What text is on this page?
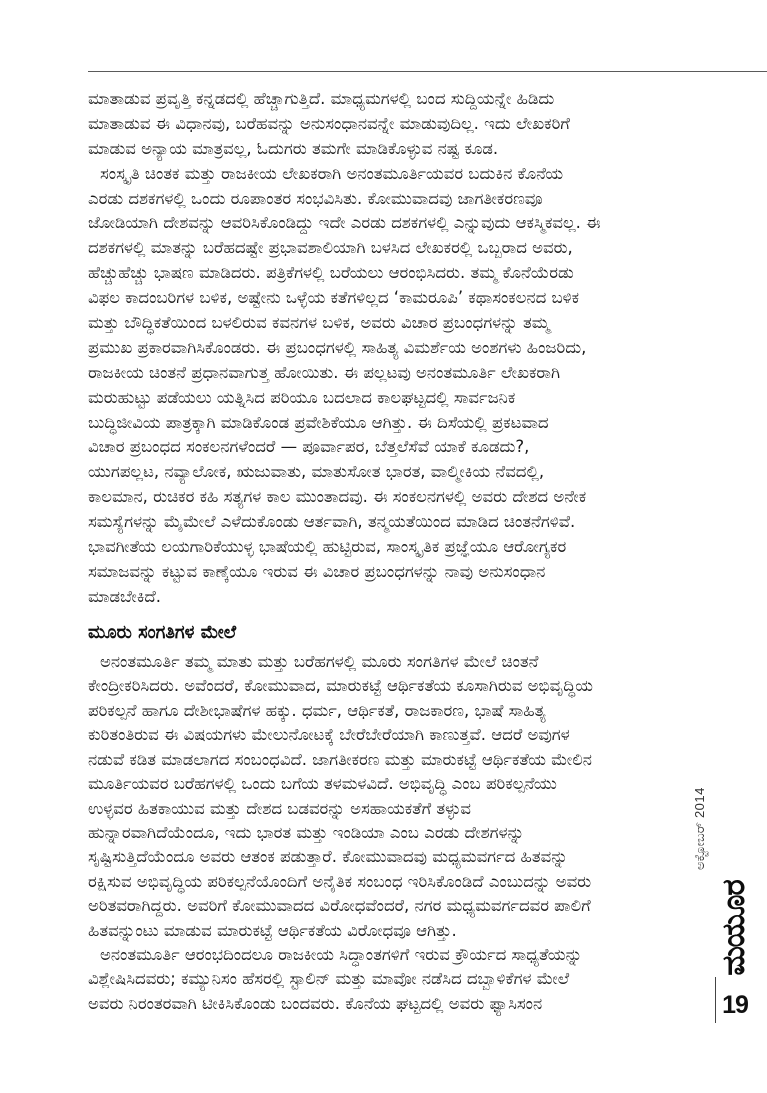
ಮಾತಾಡುವ ಪ್ರವೃತ್ತಿ ಕನ್ನಡದಲ್ಲಿ ಹೆಚ್ಚಾಗುತ್ತಿದೆ. ಮಾಧ್ಯಮಗಳಲ್ಲಿ ಬಂದ ಸುದ್ದಿಯನ್ನೇ ಹಿಡಿದು
ಮಾತಾಡುವ ಈ ವಿಧಾನವು, ಬರೆಹವನ್ನು ಅನುಸಂಧಾನವನ್ನೇ ಮಾಡುವುದಿಲ್ಲ. ಇದು ಲೇಖಕರಿಗೆ
ಮಾಡುವ ಅನ್ಯಾಯ ಮಾತ್ರವಲ್ಲ, ಓದುಗರು ತಮಗೇ ಮಾಡಿಕೊಳ್ಳುವ ನಷ್ಟ ಕೂಡ.
ಸಂಸ್ಕೃತಿ ಚಿಂತಕ ಮತ್ತು ರಾಜಕೀಯ ಲೇಖಕರಾಗಿ ಅನಂತಮೂರ್ತಿಯವರ ಬದುಕಿನ ಕೊನೆಯ
ಎರಡು ದಶಕಗಳಲ್ಲಿ ಒಂದು ರೂಪಾಂತರ ಸಂಭವಿಸಿತು. ಕೋಮುವಾದವು ಜಾಗತೀಕರಣವೂ
ಜೋಡಿಯಾಗಿ ದೇಶವನ್ನು ಆವರಿಸಿಕೊಂಡಿದ್ದು ಇದೇ ಎರಡು ದಶಕಗಳಲ್ಲಿ ಎನ್ನುವುದು ಆಕಸ್ಮಿಕವಲ್ಲ. ಈ
ದಶಕಗಳಲ್ಲಿ ಮಾತನ್ನು ಬರೆಹದಷ್ಟೇ ಪ್ರಭಾವಶಾಲಿಯಾಗಿ ಬಳಸಿದ ಲೇಖಕರಲ್ಲಿ ಒಬ್ಬರಾದ ಅವರು,
ಹೆಚ್ಚುಹೆಚ್ಚು ಭಾಷಣ ಮಾಡಿದರು. ಪತ್ರಿಕೆಗಳಲ್ಲಿ ಬರೆಯಲು ಆರಂಭಿಸಿದರು. ತಮ್ಮ ಕೊನೆಯೆರಡು
ವಿಫಲ ಕಾದಂಬರಿಗಳ ಬಳಿಕ, ಅಷ್ಟೇನು ಒಳ್ಳೆಯ ಕತೆಗಳಿಲ್ಲದ ‘ಕಾಮರೂಪಿ’ ಕಥಾಸಂಕಲನದ ಬಳಿಕ
ಮತ್ತು ಬೌದ್ಧಿಕತೆಯಿಂದ ಬಳಲಿರುವ ಕವನಗಳ ಬಳಿಕ, ಅವರು ವಿಚಾರ ಪ್ರಬಂಧಗಳನ್ನು ತಮ್ಮ
ಪ್ರಮುಖ ಪ್ರಕಾರವಾಗಿಸಿಕೊಂಡರು. ಈ ಪ್ರಬಂಧಗಳಲ್ಲಿ ಸಾಹಿತ್ಯ ವಿಮರ್ಶೆಯ ಅಂಶಗಳು ಹಿಂಜರಿದು,
ರಾಜಕೀಯ ಚಿಂತನೆ ಪ್ರಧಾನವಾಗುತ್ತ ಹೋಯಿತು. ಈ ಪಲ್ಲಟವು ಅನಂತಮೂರ್ತಿ ಲೇಖಕರಾಗಿ
ಮರುಹುಟ್ಟು ಪಡೆಯಲು ಯತ್ನಿಸಿದ ಪರಿಯೂ ಬದಲಾದ ಕಾಲಘಟ್ಟದಲ್ಲಿ ಸಾರ್ವಜನಿಕ
ಬುದ್ಧಿಜೀವಿಯ ಪಾತ್ರಕ್ಕಾಗಿ ಮಾಡಿಕೊಂಡ ಪ್ರವೇಶಿಕೆಯೂ ಆಗಿತ್ತು. ಈ ದಿಸೆಯಲ್ಲಿ ಪ್ರಕಟವಾದ
ವಿಚಾರ ಪ್ರಬಂಧದ ಸಂಕಲನಗಳೆಂದರೆ — ಪೂರ್ವಾಪರ, ಬೆತ್ತಲೆಸೆವೆ ಯಾಕೆ ಕೂಡದು?,
ಯುಗಪಲ್ಲಟ, ನವ್ಯಾಲೋಕ, ಋಜುವಾತು, ಮಾತುಸೋತ ಭಾರತ, ವಾಲ್ಮೀಕಿಯ ನೆವದಲ್ಲಿ,
ಕಾಲಮಾನ, ರುಚಿಕರ ಕಹಿ ಸತ್ಯಗಳ ಕಾಲ ಮುಂತಾದವು. ಈ ಸಂಕಲನಗಳಲ್ಲಿ ಅವರು ದೇಶದ ಅನೇಕ
ಸಮಸ್ಯೆಗಳನ್ನು ಮೈಮೇಲೆ ಎಳೆದುಕೊಂಡು ಆರ್ತವಾಗಿ, ತನ್ಮಯತೆಯಿಂದ ಮಾಡಿದ ಚಿಂತನೆಗಳಿವೆ.
ಭಾವಗೀತೆಯ ಲಯಗಾರಿಕೆಯುಳ್ಳ ಭಾಷೆಯಲ್ಲಿ ಹುಟ್ಟಿರುವ, ಸಾಂಸ್ಕೃತಿಕ ಪ್ರಜ್ಞೆಯೂ ಆರೋಗ್ಯಕರ
ಸಮಾಜವನ್ನು ಕಟ್ಟುವ ಕಾಣ್ಕೆಯೂ ಇರುವ ಈ ವಿಚಾರ ಪ್ರಬಂಧಗಳನ್ನು ನಾವು ಅನುಸಂಧಾನ
ಮಾಡಬೇಕಿದೆ.
ಮೂರು ಸಂಗತಿಗಳ ಮೇಲೆ
ಅನಂತಮೂರ್ತಿ ತಮ್ಮ ಮಾತು ಮತ್ತು ಬರೆಹಗಳಲ್ಲಿ ಮೂರು ಸಂಗತಿಗಳ ಮೇಲೆ ಚಿಂತನೆ
ಕೇಂದ್ರೀಕರಿಸಿದರು. ಅವೆಂದರೆ, ಕೋಮುವಾದ, ಮಾರುಕಟ್ಟೆ ಆರ್ಥಿಕತೆಯ ಕೂಸಾಗಿರುವ ಅಭಿವೃದ್ಧಿಯ
ಪರಿಕಲ್ಪನೆ ಹಾಗೂ ದೇಶೀಭಾಷೆಗಳ ಹಕ್ಕು. ಧರ್ಮ, ಆರ್ಥಿಕತೆ, ರಾಜಕಾರಣ, ಭಾಷೆ ಸಾಹಿತ್ಯ
ಕುರಿತಂತಿರುವ ಈ ವಿಷಯಗಳು ಮೇಲುನೋಟಕ್ಕೆ ಬೇರೆಬೇರೆಯಾಗಿ ಕಾಣುತ್ತವೆ. ಆದರೆ ಅವುಗಳ
ನಡುವೆ ಕಡಿತ ಮಾಡಲಾಗದ ಸಂಬಂಧವಿದೆ. ಜಾಗತೀಕರಣ ಮತ್ತು ಮಾರುಕಟ್ಟೆ ಆರ್ಥಿಕತೆಯ ಮೇಲಿನ
ಮೂರ್ತಿಯವರ ಬರೆಹಗಳಲ್ಲಿ ಒಂದು ಬಗೆಯ ತಳಮಳವಿದೆ. ಅಭಿವೃದ್ಧಿ ಎಂಬ ಪರಿಕಲ್ಪನೆಯು
ಉಳ್ಳವರ ಹಿತಕಾಯುವ ಮತ್ತು ದೇಶದ ಬಡವರನ್ನು ಅಸಹಾಯಕತೆಗೆ ತಳ್ಳುವ
ಹುನ್ನಾರವಾಗಿದೆಯೆಂದೂ, ಇದು ಭಾರತ ಮತ್ತು ಇಂಡಿಯಾ ಎಂಬ ಎರಡು ದೇಶಗಳನ್ನು
ಸೃಷ್ಟಿಸುತ್ತಿದೆಯೆಂದೂ ಅವರು ಆತಂಕ ಪಡುತ್ತಾರೆ. ಕೋಮುವಾದವು ಮಧ್ಯಮವರ್ಗದ ಹಿತವನ್ನು
ರಕ್ಷಿಸುವ ಅಭಿವೃದ್ಧಿಯ ಪರಿಕಲ್ಪನೆಯೊಂದಿಗೆ ಅನೈತಿಕ ಸಂಬಂಧ ಇರಿಸಿಕೊಂಡಿದೆ ಎಂಬುದನ್ನು ಅವರು
ಅರಿತವರಾಗಿದ್ದರು. ಅವರಿಗೆ ಕೋಮುವಾದದ ವಿರೋಧವೆಂದರೆ, ನಗರ ಮಧ್ಯಮವರ್ಗದವರ ಪಾಲಿಗೆ
ಹಿತವನ್ನುಂಟು ಮಾಡುವ ಮಾರುಕಟ್ಟೆ ಆರ್ಥಿಕತೆಯ ವಿರೋಧವೂ ಆಗಿತ್ತು.
ಅನಂತಮೂರ್ತಿ ಆರಂಭದಿಂದಲೂ ರಾಜಕೀಯ ಸಿದ್ಧಾಂತಗಳಿಗೆ ಇರುವ ಕ್ರೌರ್ಯದ ಸಾಧ್ಯತೆಯನ್ನು
ವಿಶ್ಲೇಷಿಸಿದವರು; ಕಮ್ಯುನಿಸಂ ಹೆಸರಲ್ಲಿ ಸ್ಟಾಲಿನ್ ಮತ್ತು ಮಾವೋ ನಡೆಸಿದ ದಬ್ಬಾಳಿಕೆಗಳ ಮೇಲೆ
ಅವರು ನಿರಂತರವಾಗಿ ಟೀಕಿಸಿಕೊಂಡು ಬಂದವರು. ಕೊನೆಯ ಘಟ್ಟದಲ್ಲಿ ಅವರು ಫ್ಯಾಸಿಸಂನ
ಅಕ್ಟೋಬರ್ 2014
ಮಯೂರ
19
